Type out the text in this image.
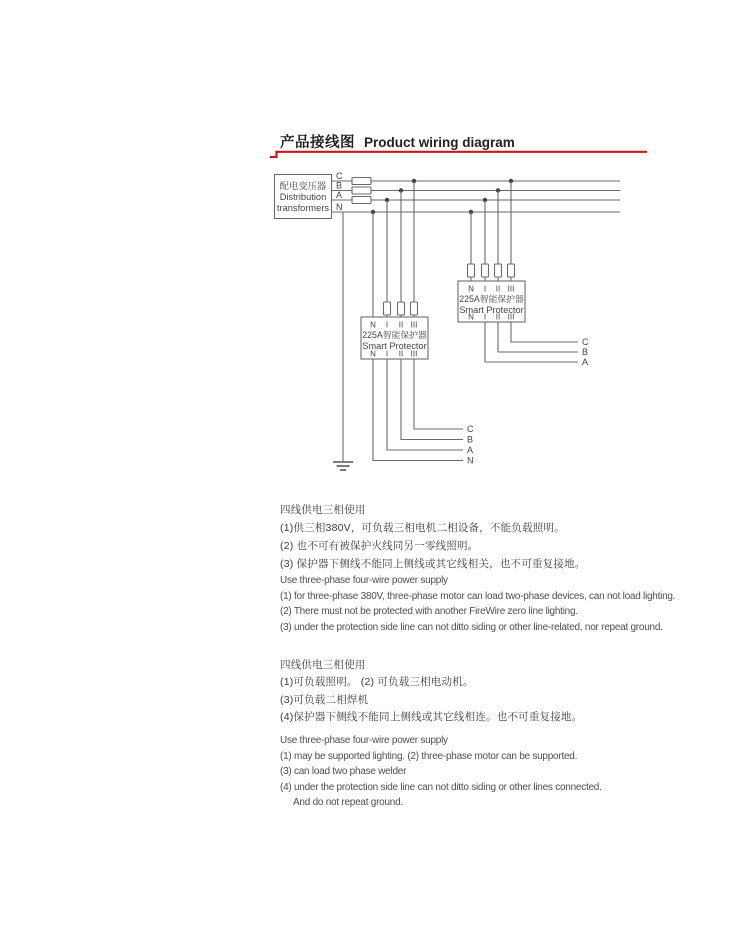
产品接线图 Product wiring diagram
配电变压器
Distribution
transformers
C
B
A
N
N I II III
225A智能保护器
Smart Protector
N I II III
C
B
A
N
N I II III
225A智能保护器
Smart Protector
N I II III
C
B
A
四线供电三相使用
(1)供三相380V，可负载三相电机二相设备，不能负载照明。
(2) 也不可有被保护火线同另一零线照明。
(3) 保护器下侧线不能同上侧线或其它线相关，也不可重复接地。
Use three-phase four-wire power supply
(1) for three-phase 380V, three-phase motor can load two-phase devices, can not load lighting.
(2) There must not be protected with another FireWire zero line lighting.
(3) under the protection side line can not ditto siding or other line-related, nor repeat ground.
四线供电三相使用
(1)可负载照明。 (2) 可负载三相电动机。
(3)可负载二相焊机
(4)保护器下侧线不能同上侧线或其它线相连。也不可重复接地。
Use three-phase four-wire power supply
(1) may be supported lighting. (2) three-phase motor can be supported.
(3) can load two phase welder
(4) under the protection side line can not ditto siding or other lines connected.
And do not repeat ground.
